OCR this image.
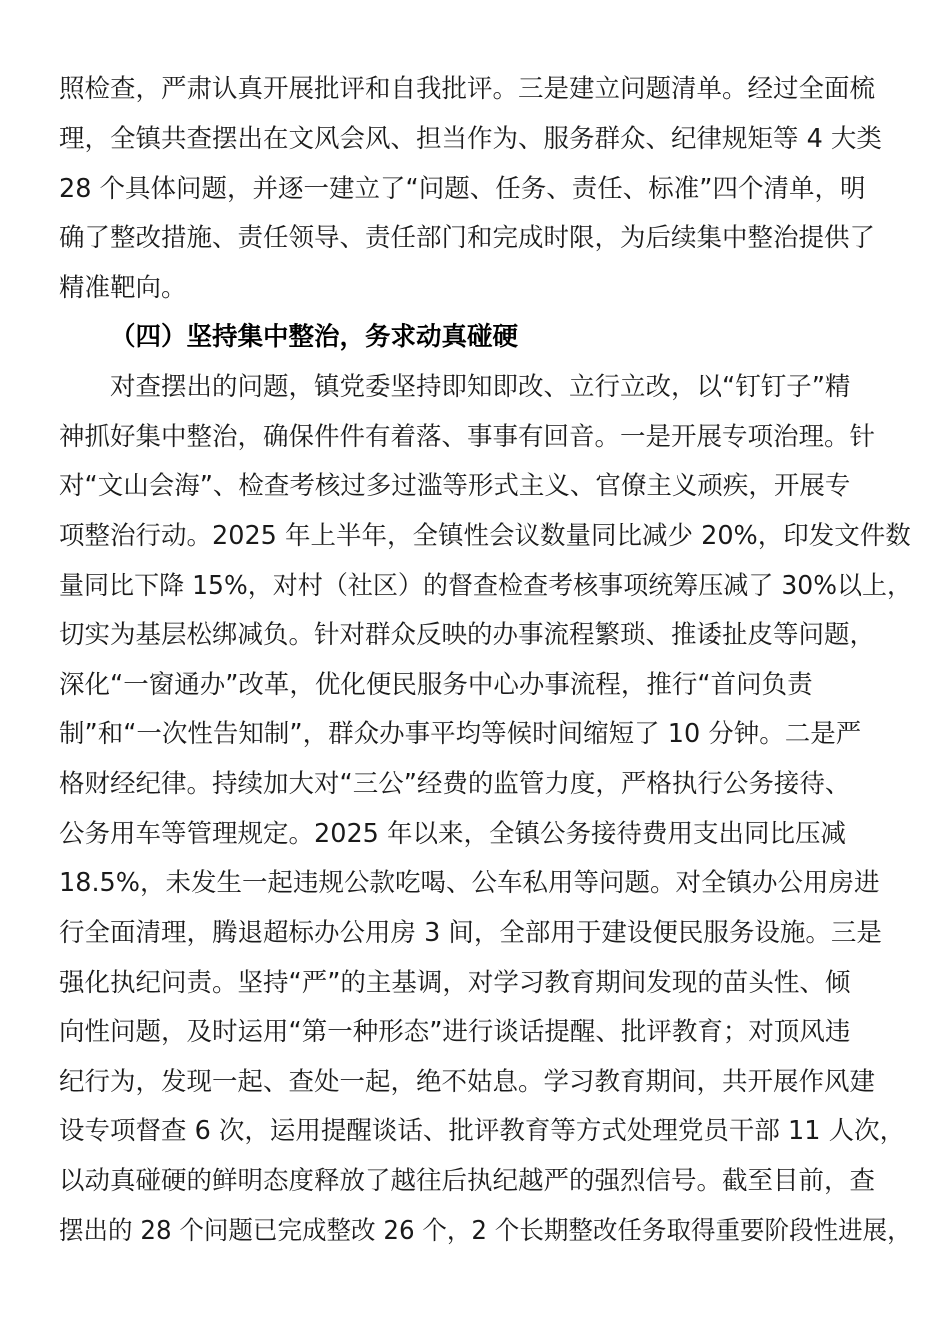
照检查，严肃认真开展批评和自我批评。三是建立问题清单。经过全面梳
理，全镇共查摆出在文风会风、担当作为、服务群众、纪律规矩等 4 大类
28 个具体问题，并逐一建立了“问题、任务、责任、标准”四个清单，明
确了整改措施、责任领导、责任部门和完成时限，为后续集中整治提供了
精准靶向。
（四）坚持集中整治，务求动真碰硬
对查摆出的问题，镇党委坚持即知即改、立行立改，以“钉钉子”精
神抓好集中整治，确保件件有着落、事事有回音。一是开展专项治理。针
对“文山会海”、检查考核过多过滥等形式主义、官僚主义顽疾，开展专
项整治行动。2025 年上半年，全镇性会议数量同比减少 20%，印发文件数
量同比下降 15%，对村（社区）的督查检查考核事项统筹压减了 30%以上，
切实为基层松绑减负。针对群众反映的办事流程繁琐、推诿扯皮等问题，
深化“一窗通办”改革，优化便民服务中心办事流程，推行“首问负责
制”和“一次性告知制”，群众办事平均等候时间缩短了 10 分钟。二是严
格财经纪律。持续加大对“三公”经费的监管力度，严格执行公务接待、
公务用车等管理规定。2025 年以来，全镇公务接待费用支出同比压减
18.5%，未发生一起违规公款吃喝、公车私用等问题。对全镇办公用房进
行全面清理，腾退超标办公用房 3 间，全部用于建设便民服务设施。三是
强化执纪问责。坚持“严”的主基调，对学习教育期间发现的苗头性、倾
向性问题，及时运用“第一种形态”进行谈话提醒、批评教育；对顶风违
纪行为，发现一起、查处一起，绝不姑息。学习教育期间，共开展作风建
设专项督查 6 次，运用提醒谈话、批评教育等方式处理党员干部 11 人次，
以动真碰硬的鲜明态度释放了越往后执纪越严的强烈信号。截至目前，查
摆出的 28 个问题已完成整改 26 个，2 个长期整改任务取得重要阶段性进展，
